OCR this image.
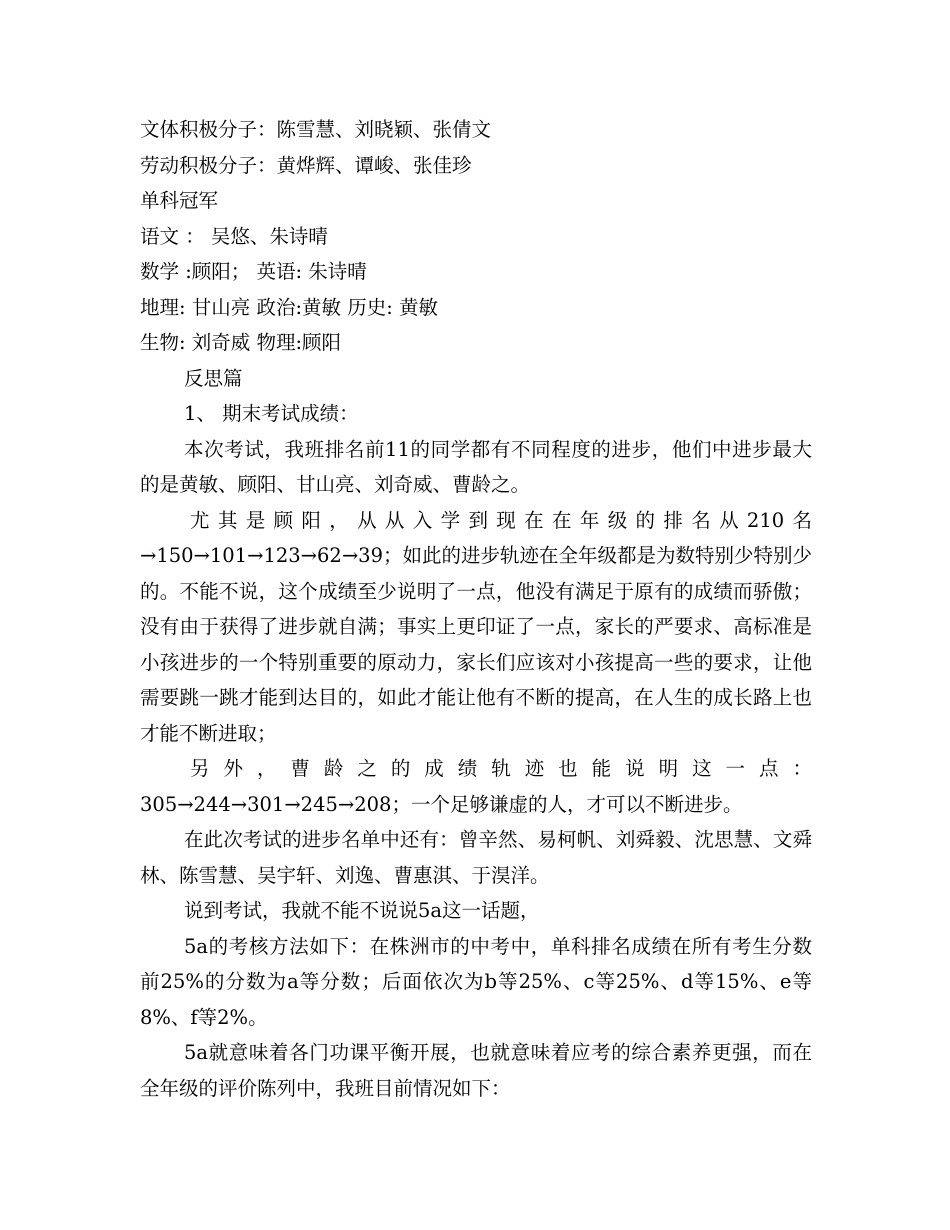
文体积极分子：陈雪慧、刘晓颖、张倩文

劳动积极分子：黄烨辉、谭峻、张佳珍

单科冠军

语文 ： 吴悠、朱诗晴

数学 :顾阳； 英语: 朱诗晴

地理: 甘山亮 政治:黄敏 历史: 黄敏

生物: 刘奇威 物理:顾阳

反思篇

1、 期末考试成绩：

本次考试，我班排名前11的同学都有不同程度的进步，他们中进步最大的是黄敏、顾阳、甘山亮、刘奇威、曹龄之。

尤其是顾阳，从从入学到现在在年级的排名从210名

→150→101→123→62→39；如此的进步轨迹在全年级都是为数特别少特别少的。不能不说，这个成绩至少说明了一点，他没有满足于原有的成绩而骄傲；没有由于获得了进步就自满；事实上更印证了一点，家长的严要求、高标准是小孩进步的一个特别重要的原动力，家长们应该对小孩提高一些的要求，让他需要跳一跳才能到达目的，如此才能让他有不断的提高，在人生的成长路上也才能不断进取；

另外，曹龄之的成绩轨迹也能说明这一点：

305→244→301→245→208；一个足够谦虚的人，才可以不断进步。

在此次考试的进步名单中还有：曾辛然、易柯帆、刘舜毅、沈思慧、文舜林、陈雪慧、吴宇轩、刘逸、曹惠淇、于淏洋。

说到考试，我就不能不说说5a这一话题，

5a的考核方法如下：在株洲市的中考中，单科排名成绩在所有考生分数前25%的分数为a等分数；后面依次为b等25%、c等25%、d等15%、e等8%、f等2%。

5a就意味着各门功课平衡开展，也就意味着应考的综合素养更强，而在全年级的评价陈列中，我班目前情况如下：
